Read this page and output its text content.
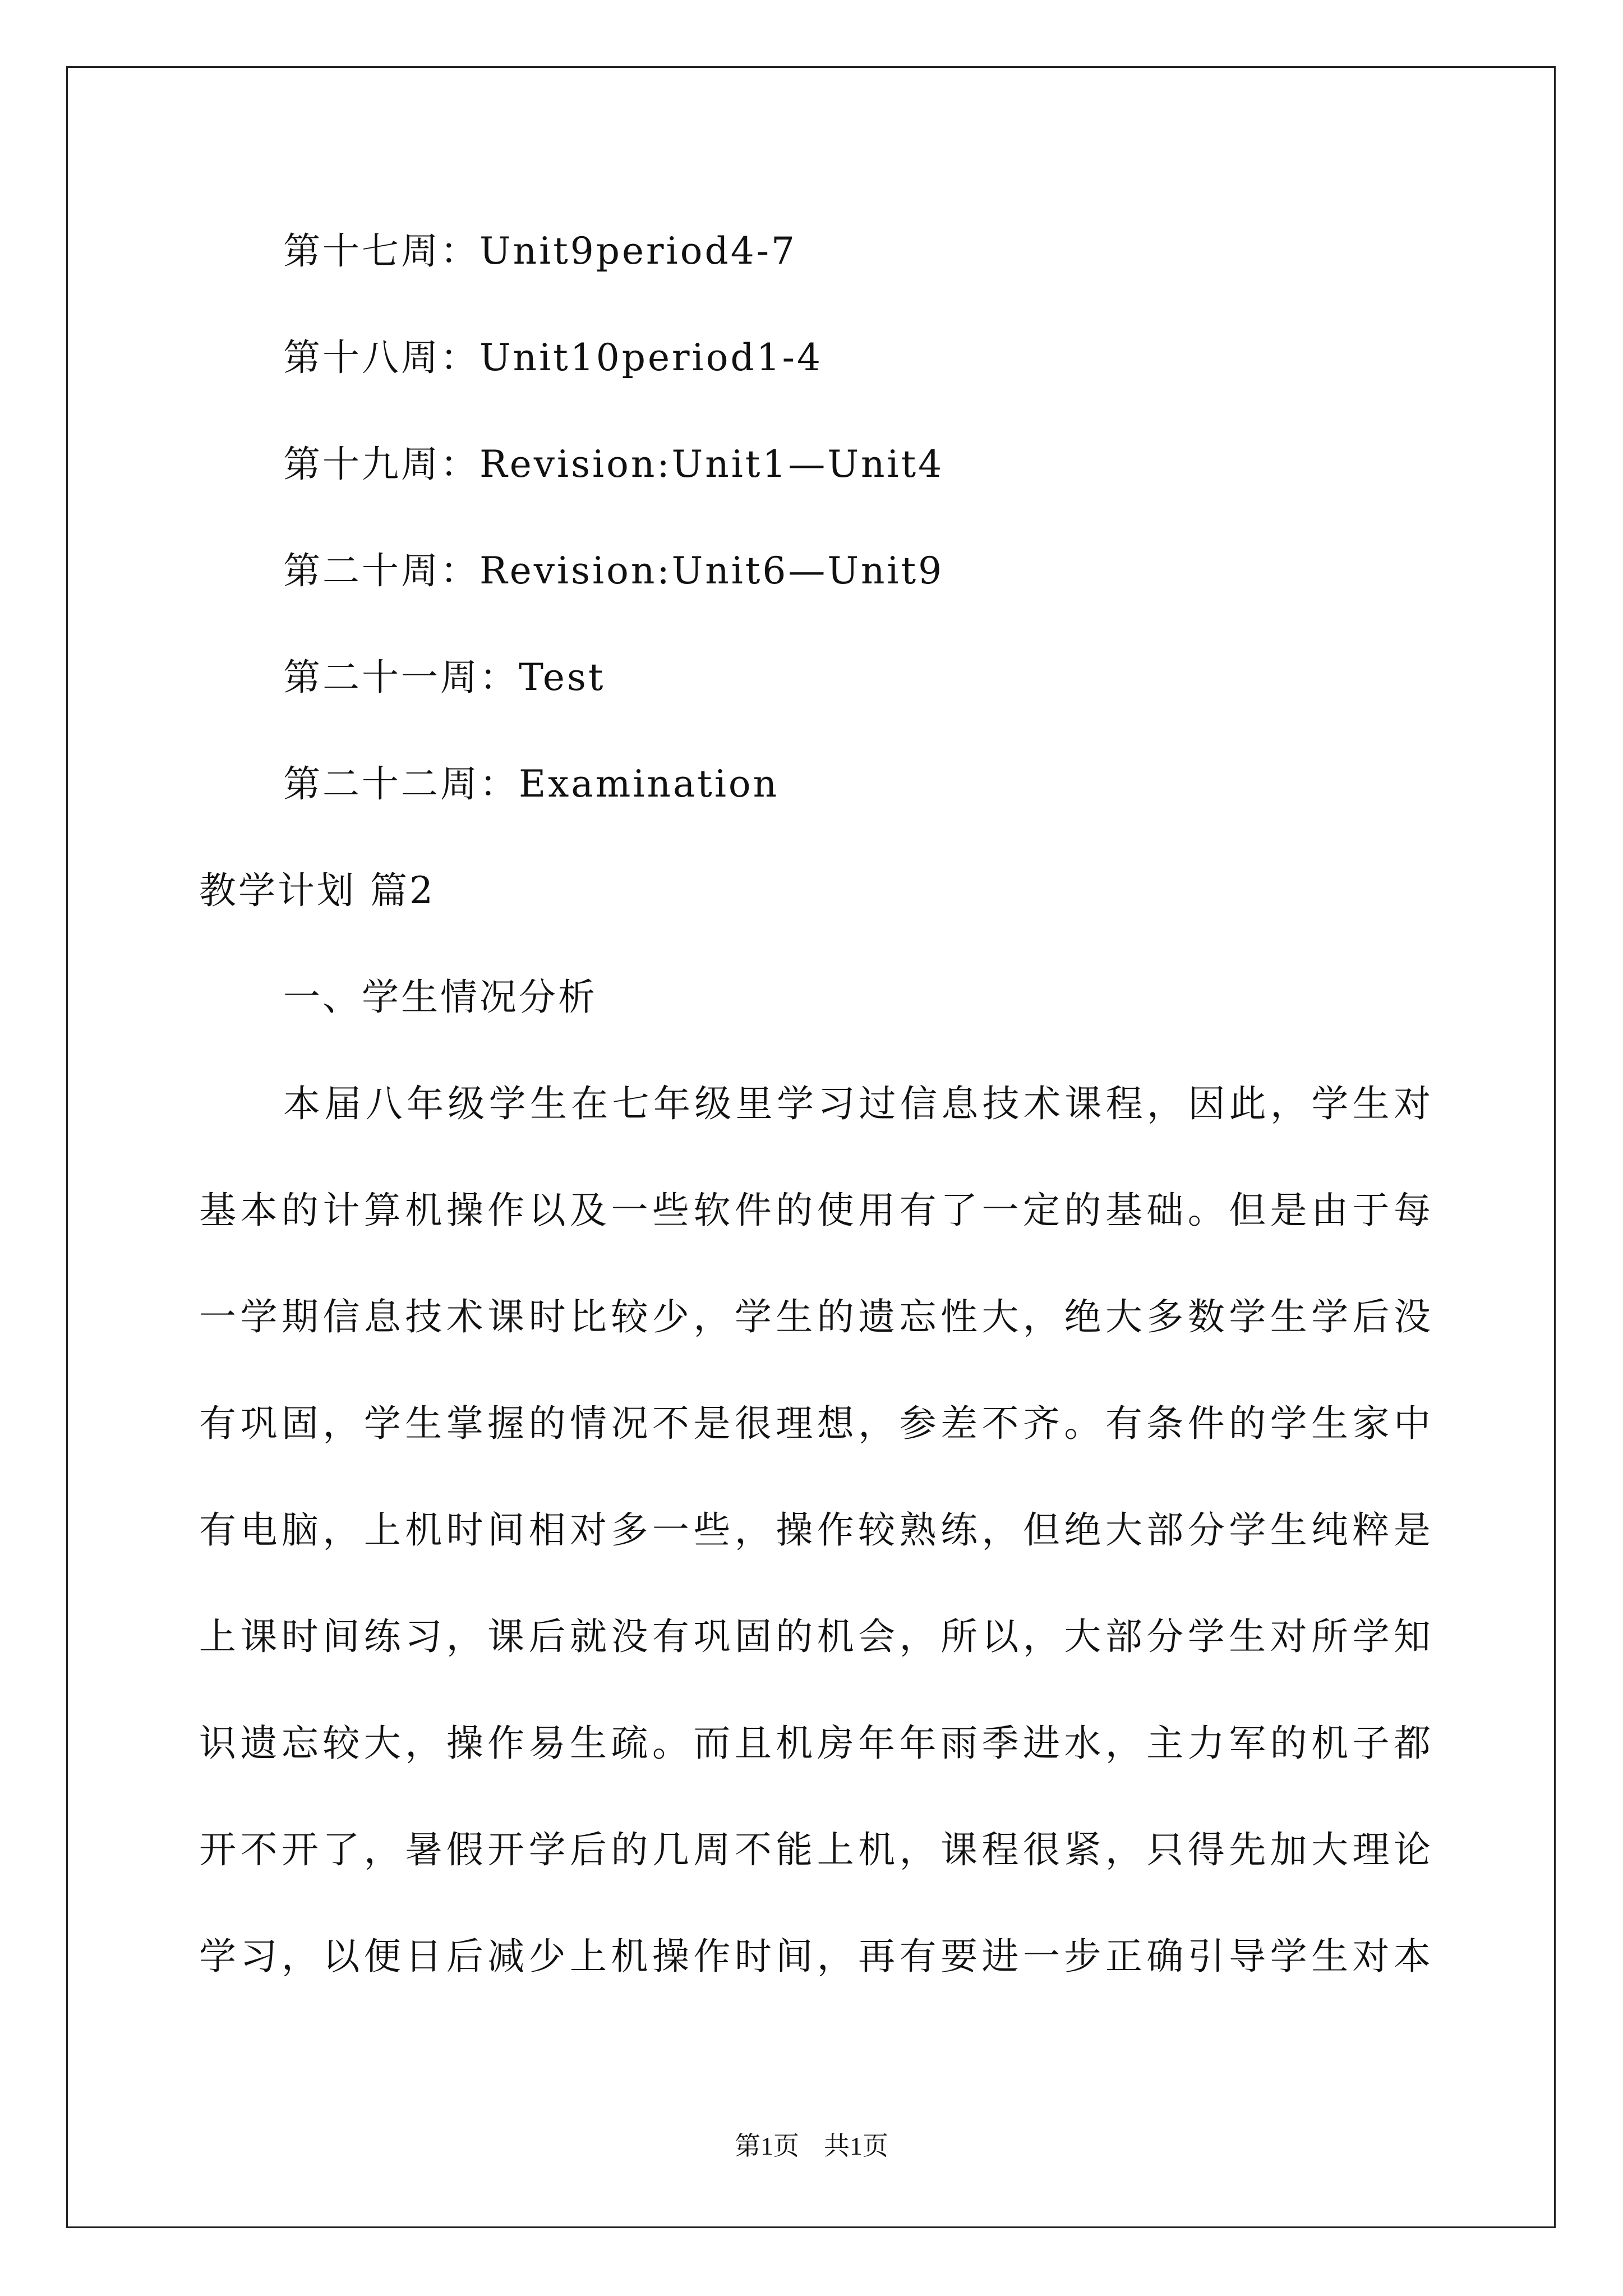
第十七周：Unit9period4-7
第十八周：Unit10period1-4
第十九周：Revision:Unit1—Unit4
第二十周：Revision:Unit6—Unit9
第二十一周：Test
第二十二周：Examination
教学计划 篇2
一、学生情况分析
本届八年级学生在七年级里学习过信息技术课程，因此，学生对
基本的计算机操作以及一些软件的使用有了一定的基础。但是由于每
一学期信息技术课时比较少，学生的遗忘性大，绝大多数学生学后没
有巩固，学生掌握的情况不是很理想，参差不齐。有条件的学生家中
有电脑，上机时间相对多一些，操作较熟练，但绝大部分学生纯粹是
上课时间练习，课后就没有巩固的机会，所以，大部分学生对所学知
识遗忘较大，操作易生疏。而且机房年年雨季进水，主力军的机子都
开不开了，暑假开学后的几周不能上机，课程很紧，只得先加大理论
学习，以便日后减少上机操作时间，再有要进一步正确引导学生对本
第1页 共1页
